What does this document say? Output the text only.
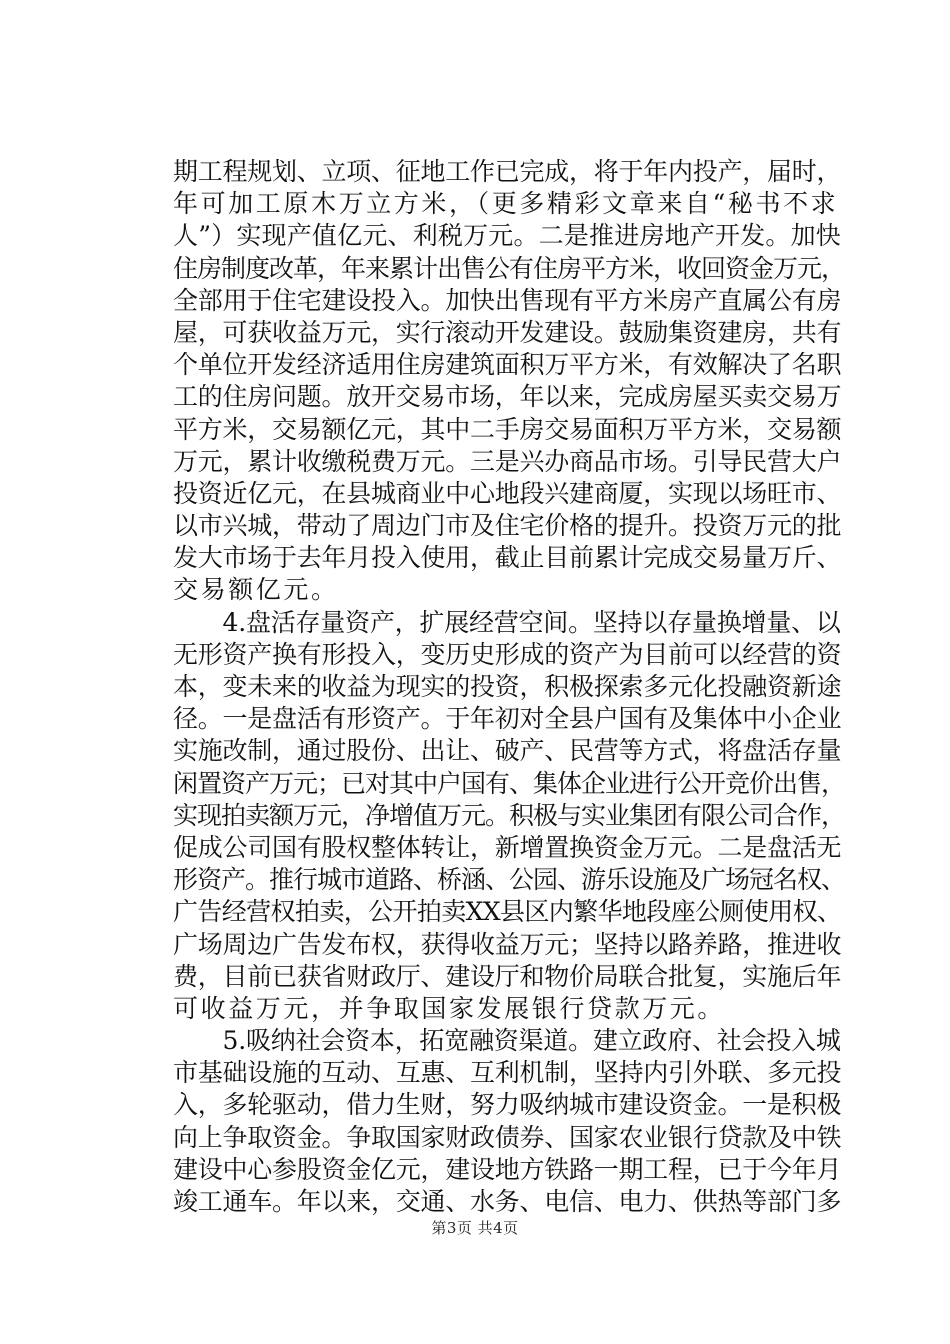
期工程规划、立项、征地工作已完成，将于年内投产，届时，
年可加工原木万立方米，（更多精彩文章来自“秘书不求
人”）实现产值亿元、利税万元。二是推进房地产开发。加快
住房制度改革，年来累计出售公有住房平方米，收回资金万元，
全部用于住宅建设投入。加快出售现有平方米房产直属公有房
屋，可获收益万元，实行滚动开发建设。鼓励集资建房，共有
个单位开发经济适用住房建筑面积万平方米，有效解决了名职
工的住房问题。放开交易市场，年以来，完成房屋买卖交易万
平方米，交易额亿元，其中二手房交易面积万平方米，交易额
万元，累计收缴税费万元。三是兴办商品市场。引导民营大户
投资近亿元，在县城商业中心地段兴建商厦，实现以场旺市、
以市兴城，带动了周边门市及住宅价格的提升。投资万元的批
发大市场于去年月投入使用，截止目前累计完成交易量万斤、
交易额亿元。
　　4.盘活存量资产，扩展经营空间。坚持以存量换增量、以
无形资产换有形投入，变历史形成的资产为目前可以经营的资
本，变未来的收益为现实的投资，积极探索多元化投融资新途
径。一是盘活有形资产。于年初对全县户国有及集体中小企业
实施改制，通过股份、出让、破产、民营等方式，将盘活存量
闲置资产万元；已对其中户国有、集体企业进行公开竞价出售，
实现拍卖额万元，净增值万元。积极与实业集团有限公司合作，
促成公司国有股权整体转让，新增置换资金万元。二是盘活无
形资产。推行城市道路、桥涵、公园、游乐设施及广场冠名权、
广告经营权拍卖，公开拍卖XX县区内繁华地段座公厕使用权、
广场周边广告发布权，获得收益万元；坚持以路养路，推进收
费，目前已获省财政厅、建设厅和物价局联合批复，实施后年
可收益万元，并争取国家发展银行贷款万元。
　　5.吸纳社会资本，拓宽融资渠道。建立政府、社会投入城
市基础设施的互动、互惠、互利机制，坚持内引外联、多元投
入，多轮驱动，借力生财，努力吸纳城市建设资金。一是积极
向上争取资金。争取国家财政债券、国家农业银行贷款及中铁
建设中心参股资金亿元，建设地方铁路一期工程，已于今年月
竣工通车。年以来，交通、水务、电信、电力、供热等部门多
第3页 共4页
